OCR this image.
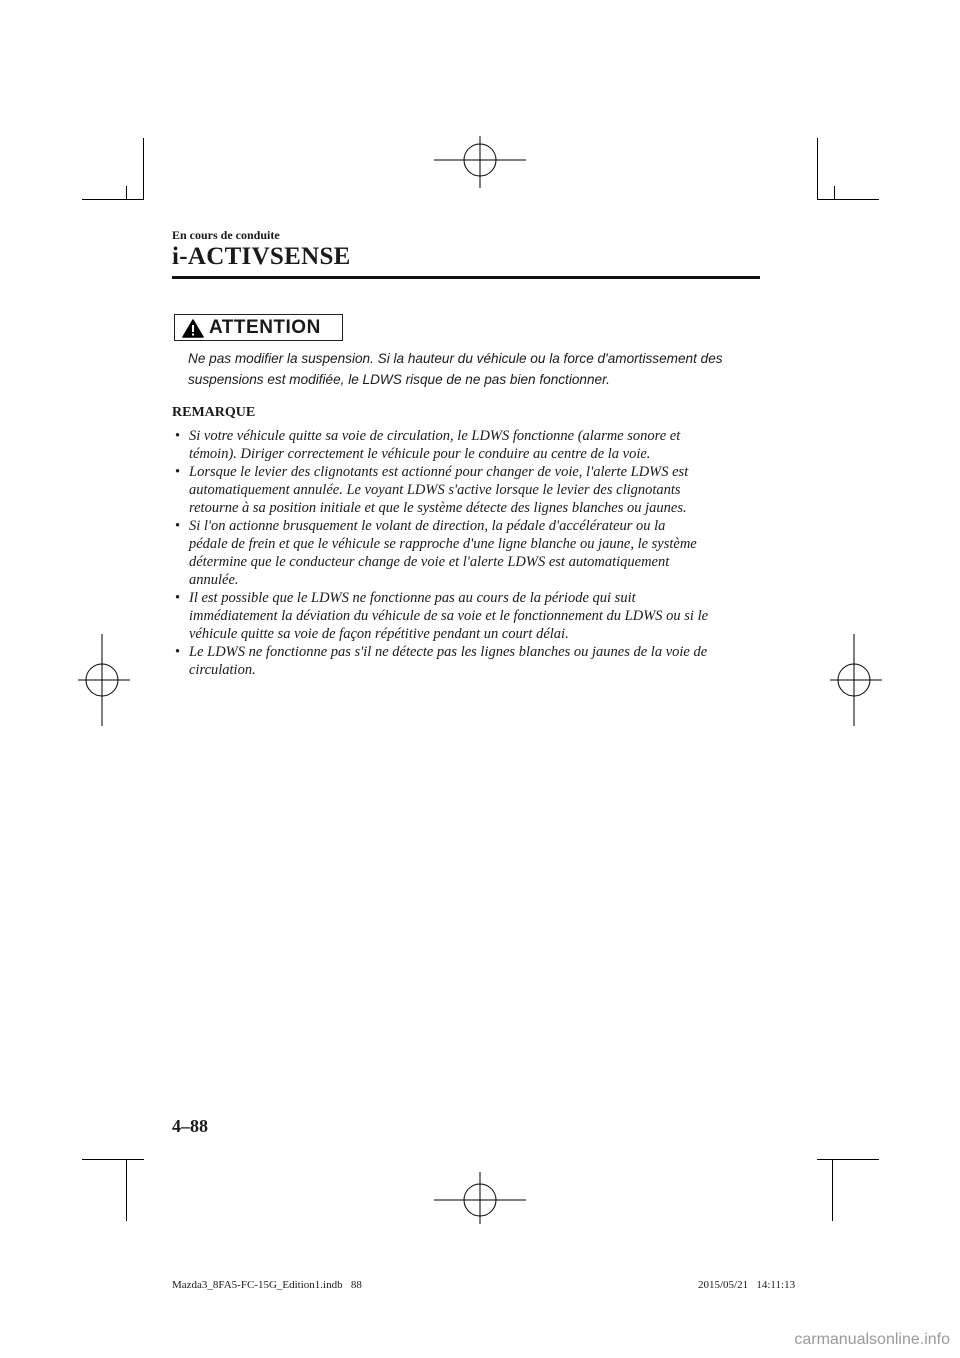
En cours de conduite
i-ACTIVSENSE
ATTENTION
Ne pas modifier la suspension. Si la hauteur du véhicule ou la force d'amortissement des
suspensions est modifiée, le LDWS risque de ne pas bien fonctionner.
REMARQUE
• Si votre véhicule quitte sa voie de circulation, le LDWS fonctionne (alarme sonore et
témoin). Diriger correctement le véhicule pour le conduire au centre de la voie.
• Lorsque le levier des clignotants est actionné pour changer de voie, l'alerte LDWS est
automatiquement annulée. Le voyant LDWS s'active lorsque le levier des clignotants
retourne à sa position initiale et que le système détecte des lignes blanches ou jaunes.
• Si l'on actionne brusquement le volant de direction, la pédale d'accélérateur ou la
pédale de frein et que le véhicule se rapproche d'une ligne blanche ou jaune, le système
détermine que le conducteur change de voie et l'alerte LDWS est automatiquement
annulée.
• Il est possible que le LDWS ne fonctionne pas au cours de la période qui suit
immédiatement la déviation du véhicule de sa voie et le fonctionnement du LDWS ou si le
véhicule quitte sa voie de façon répétitive pendant un court délai.
• Le LDWS ne fonctionne pas s'il ne détecte pas les lignes blanches ou jaunes de la voie de
circulation.
4–88
Mazda3_8FA5-FC-15G_Edition1.indb   88	2015/05/21   14:11:13
carmanualsonline.info
